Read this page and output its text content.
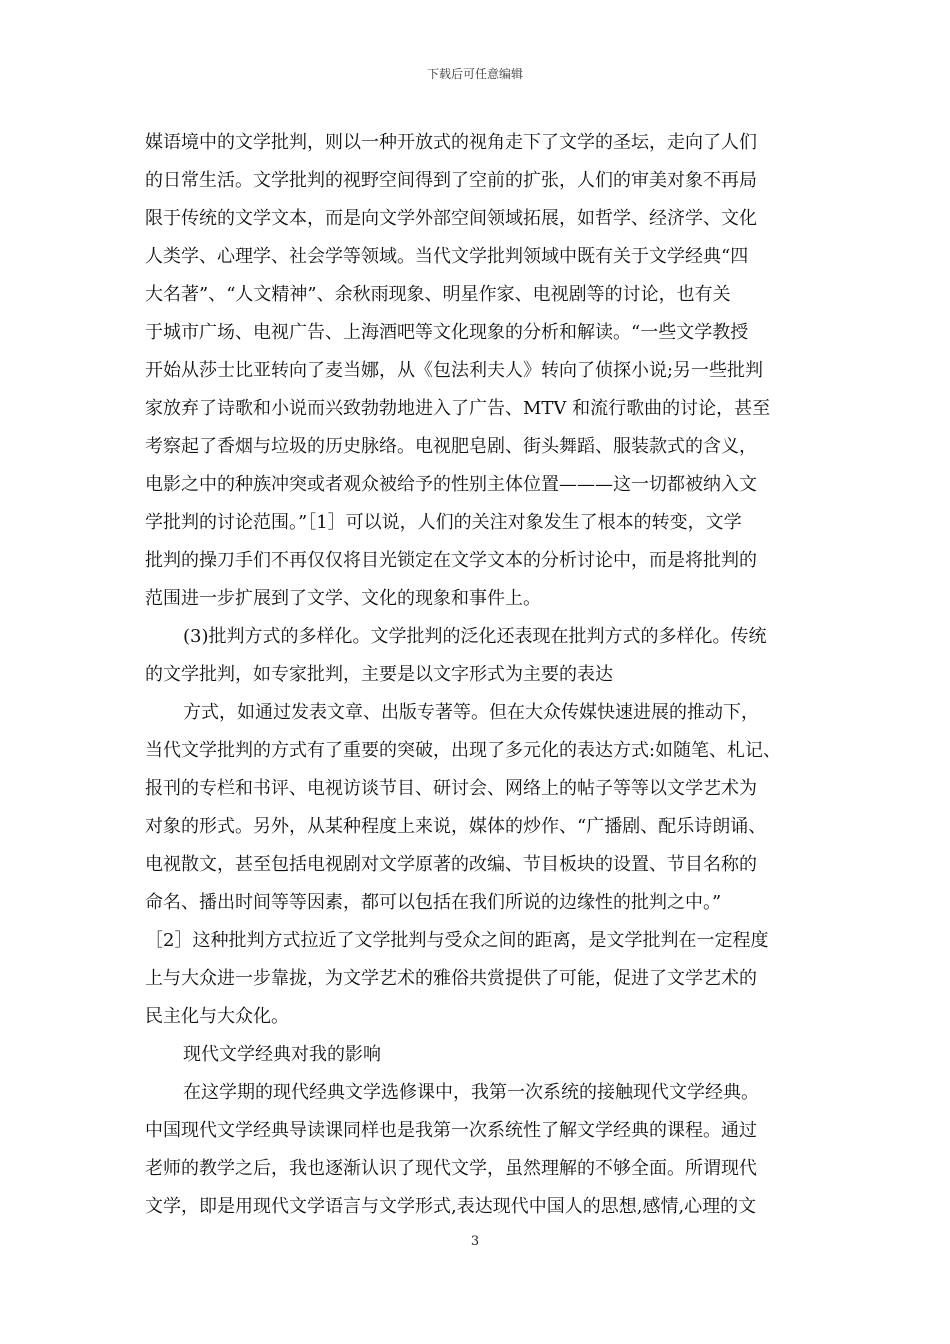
下载后可任意编辑
媒语境中的文学批判，则以一种开放式的视角走下了文学的圣坛，走向了人们
的日常生活。文学批判的视野空间得到了空前的扩张，人们的审美对象不再局
限于传统的文学文本，而是向文学外部空间领域拓展，如哲学、经济学、文化
人类学、心理学、社会学等领域。当代文学批判领域中既有关于文学经典“四
大名著”、“人文精神”、余秋雨现象、明星作家、电视剧等的讨论，也有关
于城市广场、电视广告、上海酒吧等文化现象的分析和解读。“一些文学教授
开始从莎士比亚转向了麦当娜，从《包法利夫人》转向了侦探小说;另一些批判
家放弃了诗歌和小说而兴致勃勃地进入了广告、MTV 和流行歌曲的讨论，甚至
考察起了香烟与垃圾的历史脉络。电视肥皂剧、街头舞蹈、服装款式的含义，
电影之中的种族冲突或者观众被给予的性别主体位置———这一切都被纳入文
学批判的讨论范围。”［1］可以说，人们的关注对象发生了根本的转变，文学
批判的操刀手们不再仅仅将目光锁定在文学文本的分析讨论中，而是将批判的
范围进一步扩展到了文学、文化的现象和事件上。
(3)批判方式的多样化。文学批判的泛化还表现在批判方式的多样化。传统
的文学批判，如专家批判，主要是以文字形式为主要的表达
方式，如通过发表文章、出版专著等。但在大众传媒快速进展的推动下，
当代文学批判的方式有了重要的突破，出现了多元化的表达方式:如随笔、札记、
报刊的专栏和书评、电视访谈节目、研讨会、网络上的帖子等等以文学艺术为
对象的形式。另外，从某种程度上来说，媒体的炒作、“广播剧、配乐诗朗诵、
电视散文，甚至包括电视剧对文学原著的改编、节目板块的设置、节目名称的
命名、播出时间等等因素，都可以包括在我们所说的边缘性的批判之中。”
［2］这种批判方式拉近了文学批判与受众之间的距离，是文学批判在一定程度
上与大众进一步靠拢，为文学艺术的雅俗共赏提供了可能，促进了文学艺术的
民主化与大众化。
现代文学经典对我的影响
在这学期的现代经典文学选修课中，我第一次系统的接触现代文学经典。
中国现代文学经典导读课同样也是我第一次系统性了解文学经典的课程。通过
老师的教学之后，我也逐渐认识了现代文学，虽然理解的不够全面。所谓现代
文学，即是用现代文学语言与文学形式,表达现代中国人的思想,感情,心理的文
3
